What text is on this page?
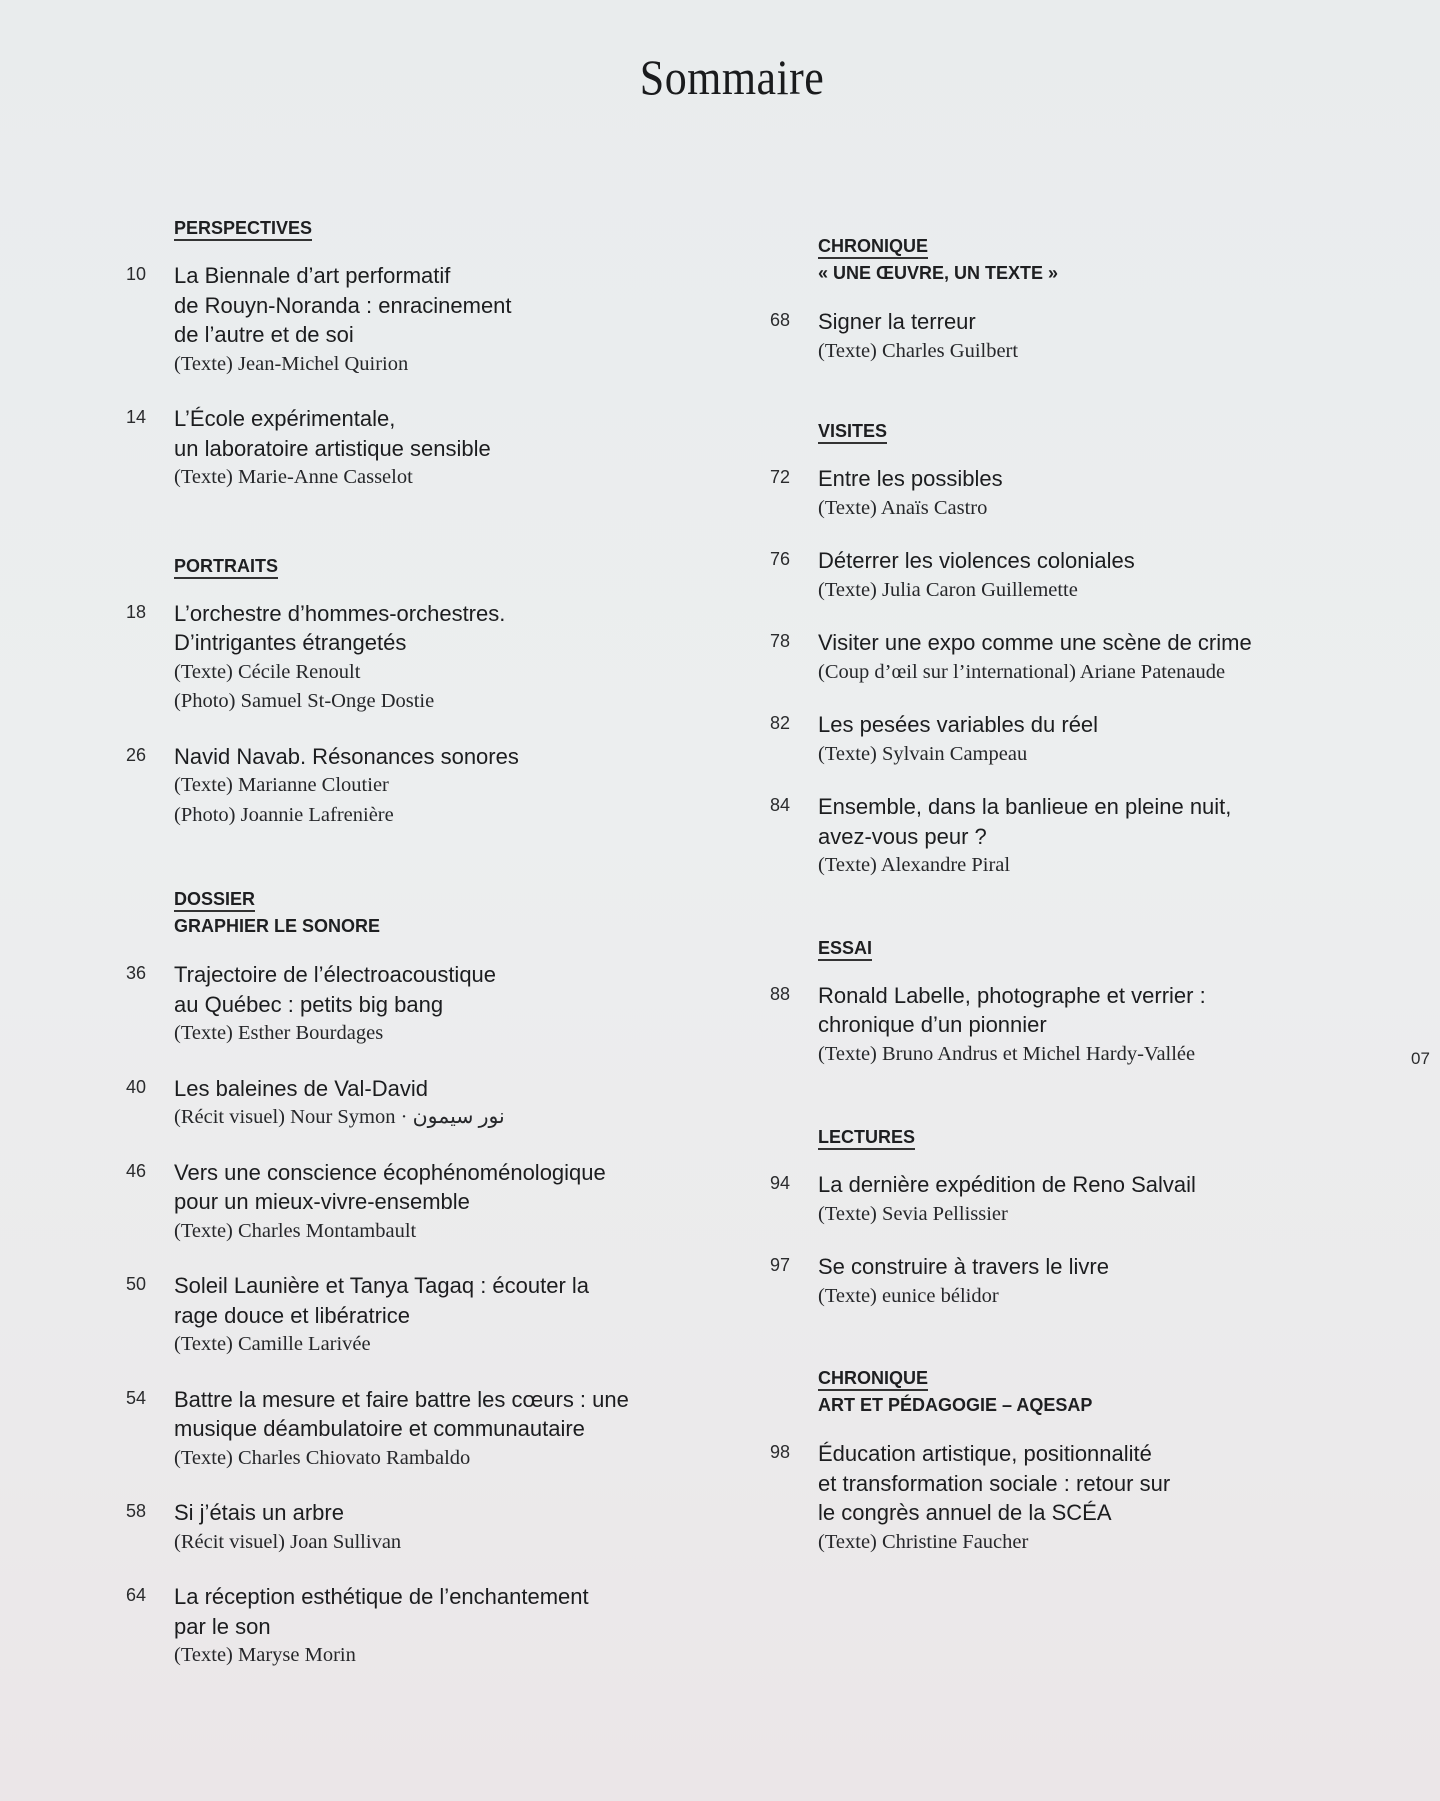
Sommaire
PERSPECTIVES
10	La Biennale d’art performatif
de Rouyn-Noranda : enracinement
de l’autre et de soi
(Texte) Jean-Michel Quirion
14	L’École expérimentale,
un laboratoire artistique sensible
(Texte) Marie-Anne Casselot
PORTRAITS
18	L’orchestre d’hommes-orchestres.
D’intrigantes étrangetés
(Texte) Cécile Renoult
(Photo) Samuel St-Onge Dostie
26	Navid Navab. Résonances sonores
(Texte) Marianne Cloutier
(Photo) Joannie Lafrenière
DOSSIER
GRAPHIER LE SONORE
36	Trajectoire de l’électroacoustique
au Québec : petits big bang
(Texte) Esther Bourdages
40	Les baleines de Val-David
(Récit visuel) Nour Symon · نور سيمون
46	Vers une conscience écophénoménologique
pour un mieux-vivre-ensemble
(Texte) Charles Montambault
50	Soleil Launière et Tanya Tagaq : écouter la
rage douce et libératrice
(Texte) Camille Larivée
54	Battre la mesure et faire battre les cœurs : une
musique déambulatoire et communautaire
(Texte) Charles Chiovato Rambaldo
58	Si j’étais un arbre
(Récit visuel) Joan Sullivan
64	La réception esthétique de l’enchantement
par le son
(Texte) Maryse Morin
CHRONIQUE
« UNE ŒUVRE, UN TEXTE »
68	Signer la terreur
(Texte) Charles Guilbert
VISITES
72	Entre les possibles
(Texte) Anaïs Castro
76	Déterrer les violences coloniales
(Texte) Julia Caron Guillemette
78	Visiter une expo comme une scène de crime
(Coup d’œil sur l’international) Ariane Patenaude
82	Les pesées variables du réel
(Texte) Sylvain Campeau
84	Ensemble, dans la banlieue en pleine nuit,
avez-vous peur ?
(Texte) Alexandre Piral
ESSAI
88	Ronald Labelle, photographe et verrier :
chronique d’un pionnier
(Texte) Bruno Andrus et Michel Hardy-Vallée
LECTURES
94	La dernière expédition de Reno Salvail
(Texte) Sevia Pellissier
97	Se construire à travers le livre
(Texte) eunice bélidor
CHRONIQUE
ART ET PÉDAGOGIE – AQESAP
98	Éducation artistique, positionnalité
et transformation sociale : retour sur
le congrès annuel de la SCÉA
(Texte) Christine Faucher
07
